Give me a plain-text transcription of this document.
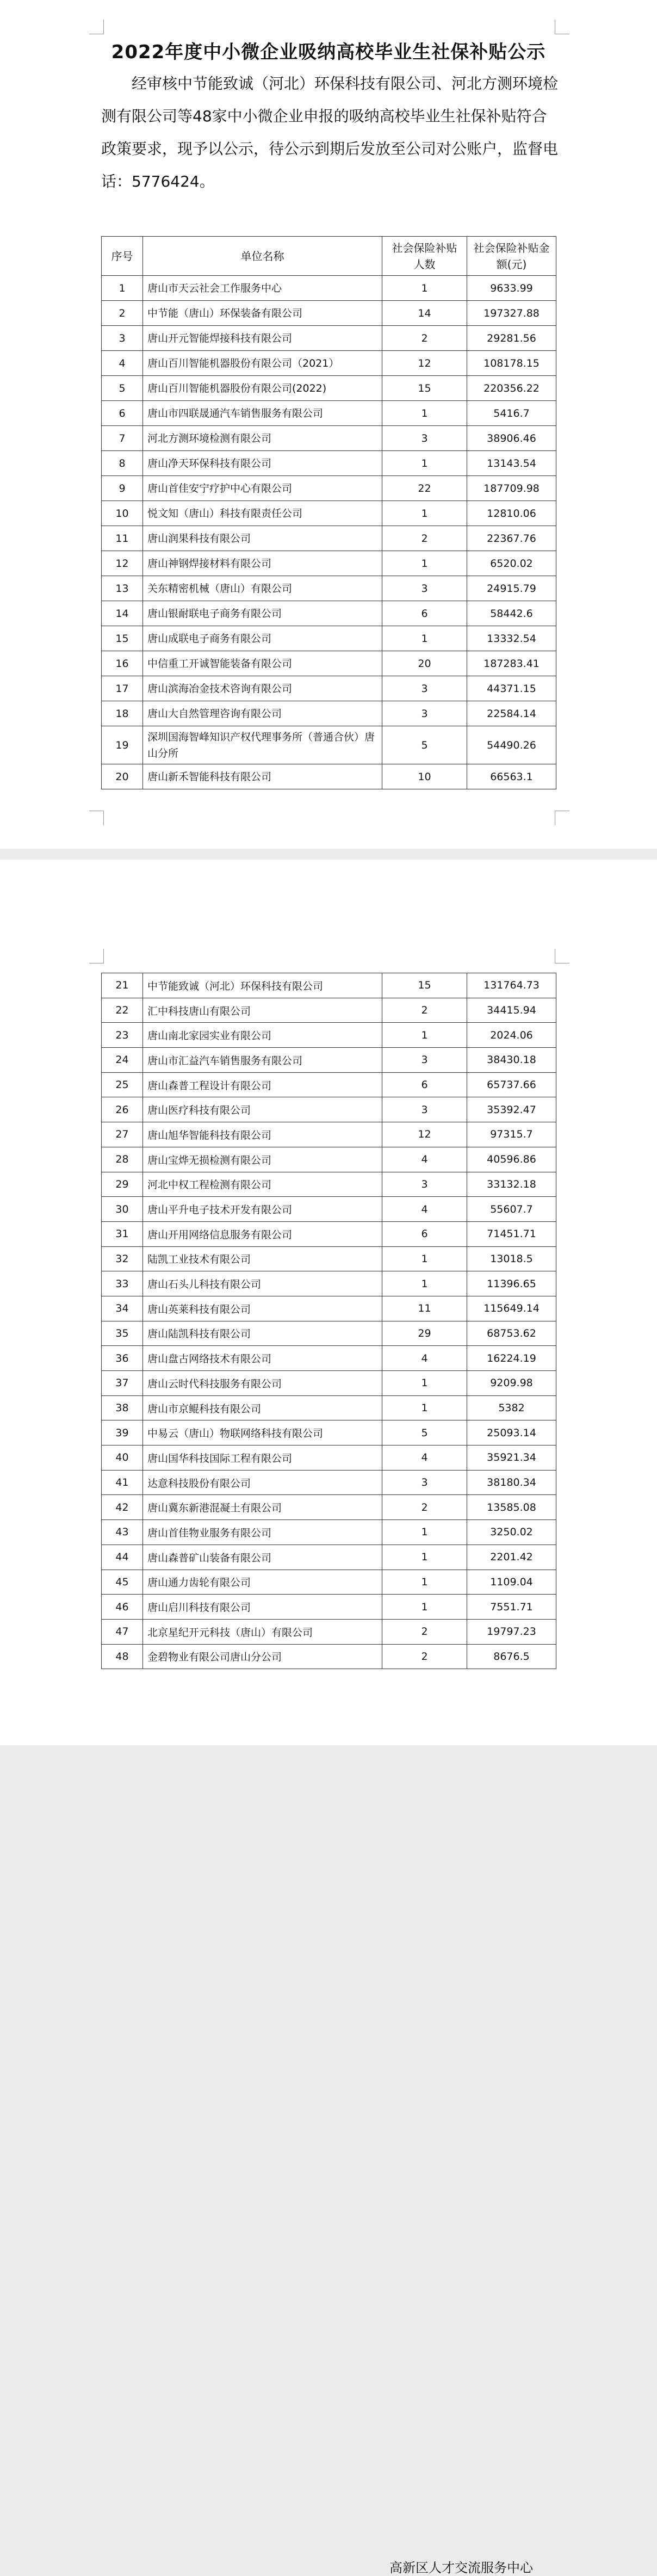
2022年度中小微企业吸纳高校毕业生社保补贴公示

经审核中节能致诚（河北）环保科技有限公司、河北方测环境检测有限公司等48家中小微企业申报的吸纳高校毕业生社保补贴符合政策要求，现予以公示，待公示到期后发放至公司对公账户，监督电话：5776424。

序号	单位名称	社会保险补贴人数	社会保险补贴金额(元)
1	唐山市天云社会工作服务中心	1	9633.99
2	中节能（唐山）环保装备有限公司	14	197327.88
3	唐山开元智能焊接科技有限公司	2	29281.56
4	唐山百川智能机器股份有限公司（2021）	12	108178.15
5	唐山百川智能机器股份有限公司(2022)	15	220356.22
6	唐山市四联晟通汽车销售服务有限公司	1	5416.7
7	河北方测环境检测有限公司	3	38906.46
8	唐山净天环保科技有限公司	1	13143.54
9	唐山首佳安宁疗护中心有限公司	22	187709.98
10	悦文知（唐山）科技有限责任公司	1	12810.06
11	唐山润果科技有限公司	2	22367.76
12	唐山神钢焊接材料有限公司	1	6520.02
13	关东精密机械（唐山）有限公司	3	24915.79
14	唐山银耐联电子商务有限公司	6	58442.6
15	唐山成联电子商务有限公司	1	13332.54
16	中信重工开诚智能装备有限公司	20	187283.41
17	唐山滨海冶金技术咨询有限公司	3	44371.15
18	唐山大自然管理咨询有限公司	3	22584.14
19	深圳国海智峰知识产权代理事务所（普通合伙）唐山分所	5	54490.26
20	唐山新禾智能科技有限公司	10	66563.1
高新区人才交流服务中心
21	中节能致诚（河北）环保科技有限公司	15	131764.73
22	汇中科技唐山有限公司	2	34415.94
23	唐山南北家园实业有限公司	1	2024.06
24	唐山市汇益汽车销售服务有限公司	3	38430.18
25	唐山森普工程设计有限公司	6	65737.66
26	唐山医疗科技有限公司	3	35392.47
27	唐山旭华智能科技有限公司	12	97315.7
28	唐山宝烨无损检测有限公司	4	40596.86
29	河北中权工程检测有限公司	3	33132.18
30	唐山平升电子技术开发有限公司	4	55607.7
31	唐山开用网络信息服务有限公司	6	71451.71
32	陆凯工业技术有限公司	1	13018.5
33	唐山石头儿科技有限公司	1	11396.65
34	唐山英莱科技有限公司	11	115649.14
35	唐山陆凯科技有限公司	29	68753.62
36	唐山盘古网络技术有限公司	4	16224.19
37	唐山云时代科技服务有限公司	1	9209.98
38	唐山市京鲲科技有限公司	1	5382
39	中易云（唐山）物联网络科技有限公司	5	25093.14
40	唐山国华科技国际工程有限公司	4	35921.34
41	达意科技股份有限公司	3	38180.34
42	唐山冀东新港混凝土有限公司	2	13585.08
43	唐山首佳物业服务有限公司	1	3250.02
44	唐山森普矿山装备有限公司	1	2201.42
45	唐山通力齿轮有限公司	1	1109.04
46	唐山启川科技有限公司	1	7551.71
47	北京星纪开元科技（唐山）有限公司	2	19797.23
48	金碧物业有限公司唐山分公司	2	8676.5
